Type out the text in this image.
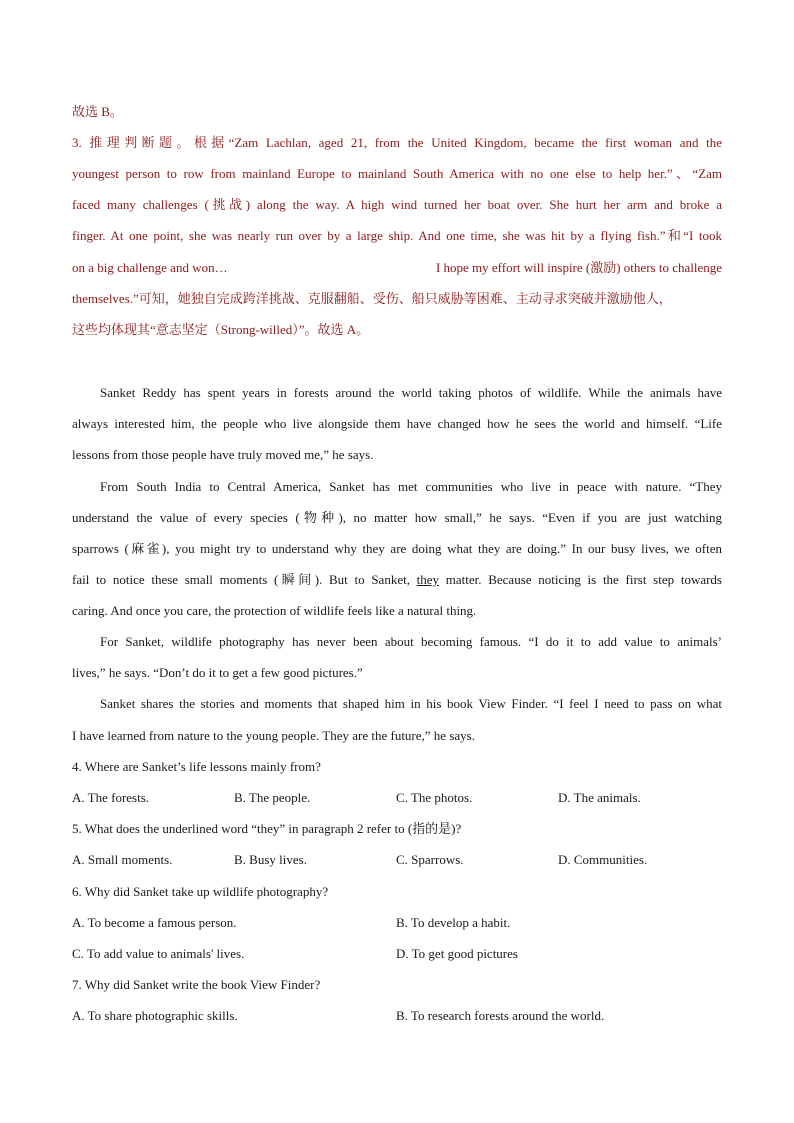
故选 B。
3. 推理判断题。根据“Zam Lachlan, aged 21, from the United Kingdom, became the first woman and the
youngest person to row from mainland Europe to mainland South America with no one else to help her.”、“Zam
faced many challenges (挑战) along the way. A high wind turned her boat over. She hurt her arm and broke a
finger. At one point, she was nearly run over by a large ship. And one time, she was hit by a flying fish.”和“I took
on a big challenge and won…	I hope my effort will inspire (激励) others to challenge
themselves.”可知，她独自完成跨洋挑战、克服翻船、受伤、船只威胁等困难、主动寻求突破并激励他人，
这些均体现其“意志坚定（Strong-willed）”。故选 A。
Sanket Reddy has spent years in forests around the world taking photos of wildlife. While the animals have
always interested him, the people who live alongside them have changed how he sees the world and himself. “Life
lessons from those people have truly moved me,” he says.
From South India to Central America, Sanket has met communities who live in peace with nature. “They
understand the value of every species (物种), no matter how small,” he says. “Even if you are just watching
sparrows (麻雀), you might try to understand why they are doing what they are doing.” In our busy lives, we often
fail to notice these small moments (瞬间). But to Sanket, they matter. Because noticing is the first step towards
caring. And once you care, the protection of wildlife feels like a natural thing.
For Sanket, wildlife photography has never been about becoming famous. “I do it to add value to animals’
lives,” he says. “Don’t do it to get a few good pictures.”
Sanket shares the stories and moments that shaped him in his book View Finder. “I feel I need to pass on what
I have learned from nature to the young people. They are the future,” he says.
4. Where are Sanket’s life lessons mainly from?
A. The forests.	B. The people.	C. The photos.	D. The animals.
5. What does the underlined word “they” in paragraph 2 refer to (指的是)?
A. Small moments.	B. Busy lives.	C. Sparrows.	D. Communities.
6. Why did Sanket take up wildlife photography?
A. To become a famous person.	B. To develop a habit.
C. To add value to animals' lives.	D. To get good pictures
7. Why did Sanket write the book View Finder?
A. To share photographic skills.	B. To research forests around the world.
